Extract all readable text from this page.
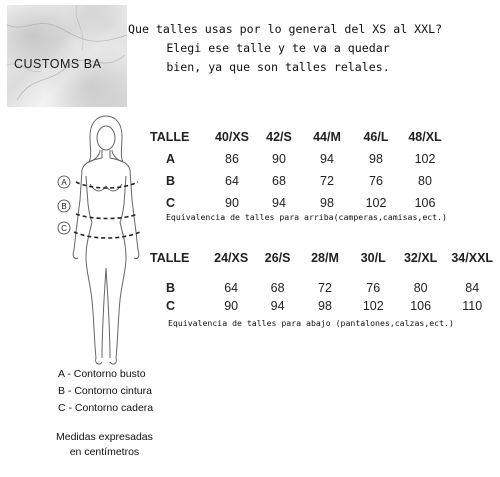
CUSTOMS BA
Que talles usas por lo general del XS al XXL?
Elegi ese talle y te va a quedar
bien, ya que son talles relales.
A
B
C
TALLE	40/XS	42/S	44/M	46/L	48/XL
A	86	90	94	98	102
B	64	68	72	76	80
C	90	94	98	102	106
Equivalencia de talles para arriba(camperas,camisas,ect.)
TALLE	24/XS	26/S	28/M	30/L	32/XL	34/XXL
B	64	68	72	76	80	84
C	90	94	98	102	106	110
Equivalencia de talles para abajo (pantalones,calzas,ect.)
A - Contorno busto
B - Contorno cintura
C - Contorno cadera
Medidas expresadas
en centímetros
